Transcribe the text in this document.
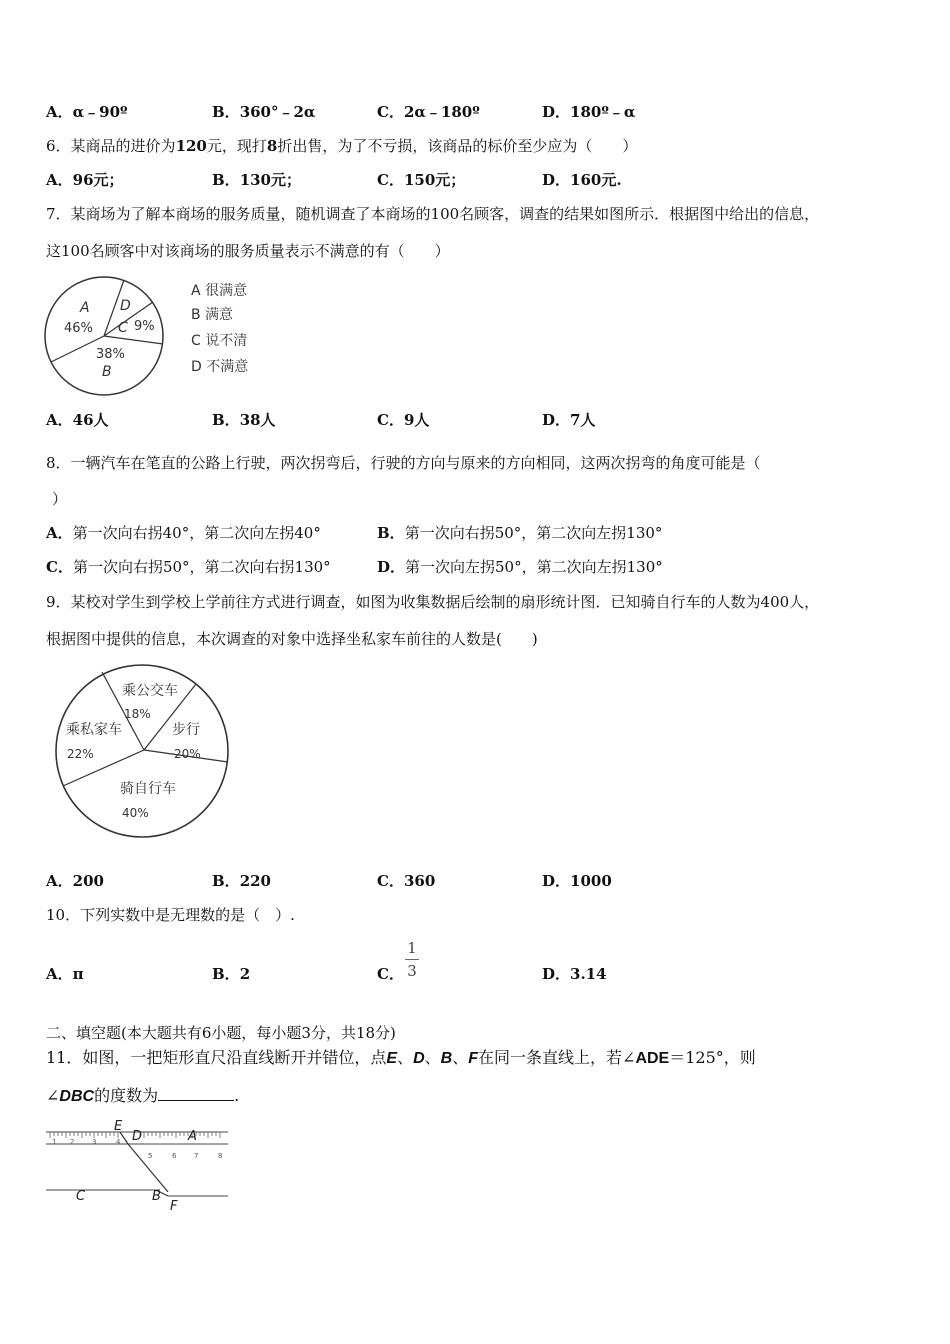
A．α﹣90º	B．360°﹣2α	C．2α﹣180º	D．180º﹣α
6．某商品的进价为120元，现打8折出售，为了不亏损，该商品的标价至少应为（　　）
A．96元；	B．130元；	C．150元；	D．160元.
7．某商场为了解本商场的服务质量，随机调查了本商场的100名顾客，调查的结果如图所示．根据图中给出的信息，
这100名顾客中对该商场的服务质量表示不满意的有（　　）
A
46%
D
C 9%
38%
B
A 很满意
B 满意
C 说不清
D 不满意
A．46人	B．38人	C．9人	D．7人
8．一辆汽车在笔直的公路上行驶，两次拐弯后，行驶的方向与原来的方向相同，这两次拐弯的角度可能是（
）
A．第一次向右拐40°，第二次向左拐40°	B．第一次向右拐50°，第二次向左拐130°
C．第一次向右拐50°，第二次向右拐130°	D．第一次向左拐50°，第二次向左拐130°
9．某校对学生到学校上学前往方式进行调查，如图为收集数据后绘制的扇形统计图．已知骑自行车的人数为400人，
根据图中提供的信息，本次调查的对象中选择坐私家车前往的人数是(　　)
乘公交车
18%
步行
20%
乘私家车
22%
骑自行车
40%
A．200	B．220	C．360	D．1000
10．下列实数中是无理数的是（　）.
A．π	B．2	C．
1
3	D．3.14
二、填空题(本大题共有6小题，每小题3分，共18分)
11．如图，一把矩形直尺沿直线断开并错位，点E、D、B、F在同一条直线上，若∠ADE＝125°，则
∠DBC的度数为	.
1 2	3	4
5	6	7	8
E
D	A
C	B
F
